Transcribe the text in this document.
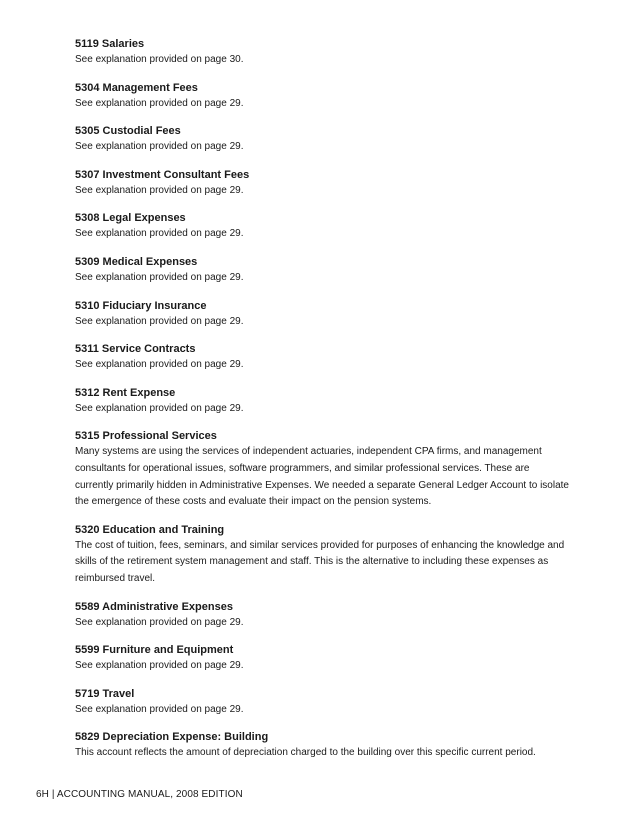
5119 Salaries

See explanation provided on page 30.

5304 Management Fees

See explanation provided on page 29.

5305 Custodial Fees

See explanation provided on page 29.

5307 Investment Consultant Fees

See explanation provided on page 29.

5308 Legal Expenses

See explanation provided on page 29.

5309 Medical Expenses

See explanation provided on page 29.

5310 Fiduciary Insurance

See explanation provided on page 29.

5311 Service Contracts

See explanation provided on page 29.

5312 Rent Expense

See explanation provided on page 29.

5315 Professional Services

Many systems are using the services of independent actuaries, independent CPA firms, and management consultants for operational issues, software programmers, and similar professional services. These are currently primarily hidden in Administrative Expenses. We needed a separate General Ledger Account to isolate the emergence of these costs and evaluate their impact on the pension systems.

5320 Education and Training

The cost of tuition, fees, seminars, and similar services provided for purposes of enhancing the knowledge and skills of the retirement system management and staff. This is the alternative to including these expenses as reimbursed travel.

5589 Administrative Expenses

See explanation provided on page 29.

5599 Furniture and Equipment

See explanation provided on page 29.

5719 Travel

See explanation provided on page 29.

5829 Depreciation Expense: Building

This account reflects the amount of depreciation charged to the building over this specific current period.

6H | ACCOUNTING MANUAL, 2008 EDITION
